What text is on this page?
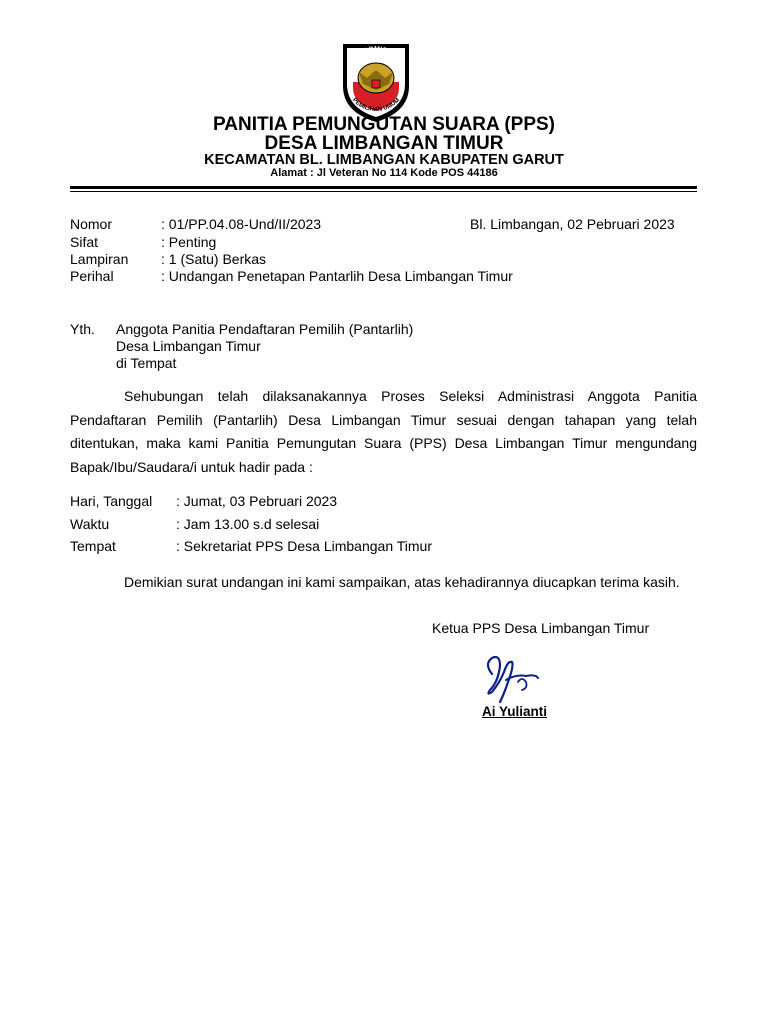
KOMISI
PEMILIHAN UMUM
PANITIA PEMUNGUTAN SUARA (PPS)
DESA LIMBANGAN TIMUR
KECAMATAN BL. LIMBANGAN KABUPATEN GARUT
Alamat : Jl Veteran No 114 Kode POS 44186
Nomor	: 01/PP.04.08-Und/II/2023	Bl. Limbangan, 02 Pebruari 2023
Sifat	: Penting
Lampiran : 1 (Satu) Berkas
Perihal	: Undangan Penetapan Pantarlih Desa Limbangan Timur
Yth. Anggota Panitia Pendaftaran Pemilih (Pantarlih)
Desa Limbangan Timur
di Tempat
Sehubungan telah dilaksanakannya Proses Seleksi Administrasi Anggota Panitia Pendaftaran Pemilih (Pantarlih) Desa Limbangan Timur sesuai dengan tahapan yang telah ditentukan, maka kami Panitia Pemungutan Suara (PPS) Desa Limbangan Timur mengundang Bapak/Ibu/Saudara/i untuk hadir pada :
Hari, Tanggal : Jumat, 03 Pebruari 2023
Waktu	: Jam 13.00 s.d selesai
Tempat	: Sekretariat PPS Desa Limbangan Timur
Demikian surat undangan ini kami sampaikan, atas kehadirannya diucapkan terima kasih.
Ketua PPS Desa Limbangan Timur
Ai Yulianti
